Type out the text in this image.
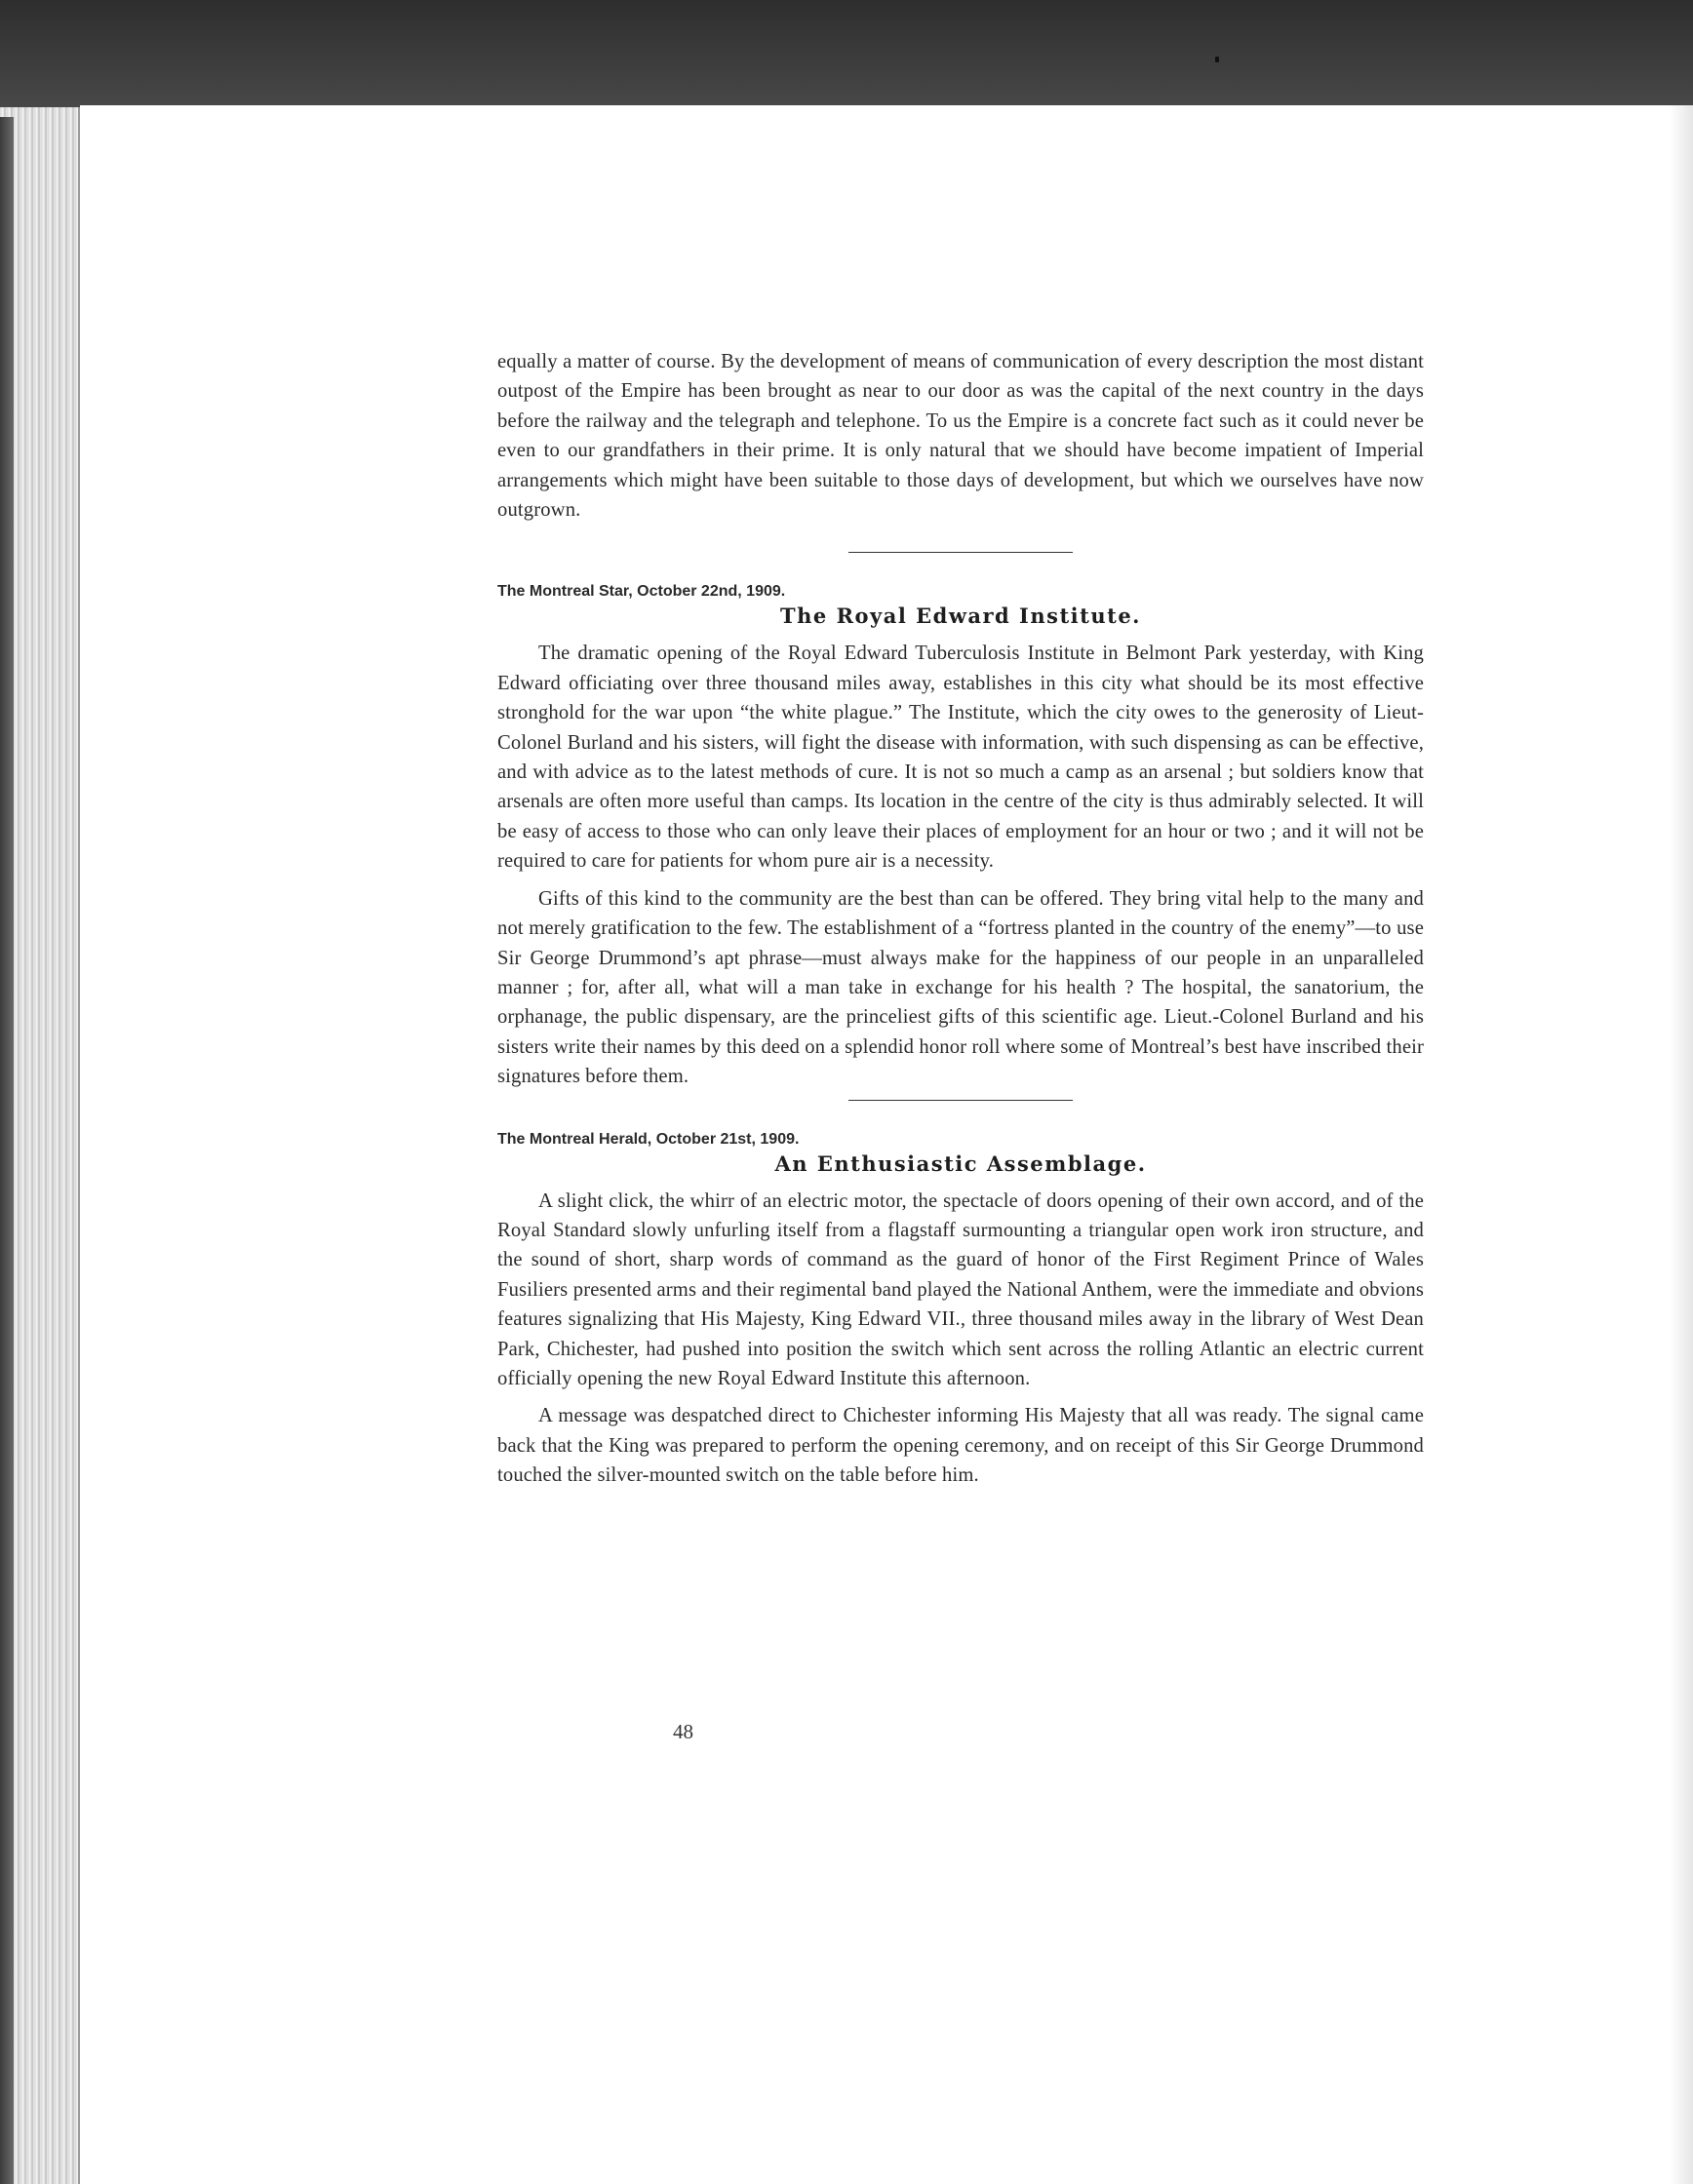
equally a matter of course. By the development of means of communication of every description the most distant outpost of the Empire has been brought as near to our door as was the capital of the next country in the days before the railway and the telegraph and telephone. To us the Empire is a concrete fact such as it could never be even to our grandfathers in their prime. It is only natural that we should have become impatient of Imperial arrangements which might have been suitable to those days of development, but which we ourselves have now outgrown.

The Montreal Star, October 22nd, 1909.

The Royal Edward Institute.

The dramatic opening of the Royal Edward Tuberculosis Institute in Belmont Park yesterday, with King Edward officiating over three thousand miles away, establishes in this city what should be its most effective stronghold for the war upon “the white plague.” The Institute, which the city owes to the generosity of Lieut-Colonel Burland and his sisters, will fight the disease with information, with such dispensing as can be effective, and with advice as to the latest methods of cure. It is not so much a camp as an arsenal ; but soldiers know that arsenals are often more useful than camps. Its location in the centre of the city is thus admirably selected. It will be easy of access to those who can only leave their places of employment for an hour or two ; and it will not be required to care for patients for whom pure air is a necessity.

Gifts of this kind to the community are the best than can be offered. They bring vital help to the many and not merely gratification to the few. The establishment of a “fortress planted in the country of the enemy”—to use Sir George Drummond’s apt phrase—must always make for the happiness of our people in an unparalleled manner ; for, after all, what will a man take in exchange for his health ? The hospital, the sanatorium, the orphanage, the public dispensary, are the princeliest gifts of this scientific age. Lieut.-Colonel Burland and his sisters write their names by this deed on a splendid honor roll where some of Montreal’s best have inscribed their signatures before them.

The Montreal Herald, October 21st, 1909.

An Enthusiastic Assemblage.

A slight click, the whirr of an electric motor, the spectacle of doors opening of their own accord, and of the Royal Standard slowly unfurling itself from a flagstaff surmounting a triangular open work iron structure, and the sound of short, sharp words of command as the guard of honor of the First Regiment Prince of Wales Fusiliers presented arms and their regimental band played the National Anthem, were the immediate and obvions features signalizing that His Majesty, King Edward VII., three thousand miles away in the library of West Dean Park, Chichester, had pushed into position the switch which sent across the rolling Atlantic an electric current officially opening the new Royal Edward Institute this afternoon.

A message was despatched direct to Chichester informing His Majesty that all was ready. The signal came back that the King was prepared to perform the opening ceremony, and on receipt of this Sir George Drummond touched the silver-mounted switch on the table before him.

48
